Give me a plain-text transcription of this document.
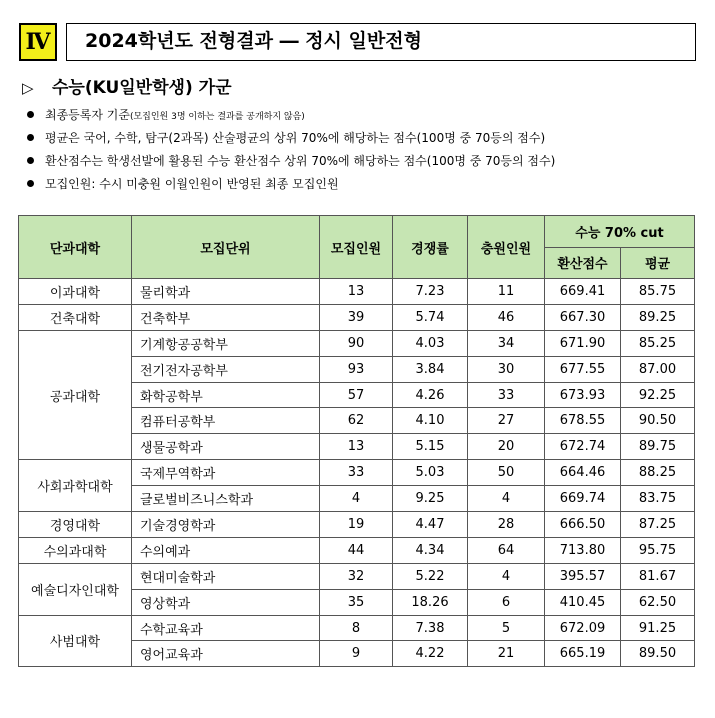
Ⅳ	2024학년도 전형결과 ― 정시 일반전형
▷ 수능(KU일반학생) 가군
최종등록자 기준(모집인원 3명 이하는 결과를 공개하지 않음)
평균은 국어, 수학, 탐구(2과목) 산술평균의 상위 70%에 해당하는 점수(100명 중 70등의 점수)
환산점수는 학생선발에 활용된 수능 환산점수 상위 70%에 해당하는 점수(100명 중 70등의 점수)
모집인원: 수시 미충원 이월인원이 반영된 최종 모집인원
단과대학	모집단위	모집인원	경쟁률	충원인원	수능 70% cut	
					환산점수	평균
이과대학	물리학과	13	7.23	11	669.41	85.75
건축대학	건축학부	39	5.74	46	667.30	89.25
공과대학	기계항공공학부	90	4.03	34	671.90	85.25
	전기전자공학부	93	3.84	30	677.55	87.00
	화학공학부	57	4.26	33	673.93	92.25
	컴퓨터공학부	62	4.10	27	678.55	90.50
	생물공학과	13	5.15	20	672.74	89.75
사회과학대학	국제무역학과	33	5.03	50	664.46	88.25
	글로벌비즈니스학과	4	9.25	4	669.74	83.75
경영대학	기술경영학과	19	4.47	28	666.50	87.25
수의과대학	수의예과	44	4.34	64	713.80	95.75
예술디자인대학	현대미술학과	32	5.22	4	395.57	81.67
	영상학과	35	18.26	6	410.45	62.50
사범대학	수학교육과	8	7.38	5	672.09	91.25
	영어교육과	9	4.22	21	665.19	89.50
